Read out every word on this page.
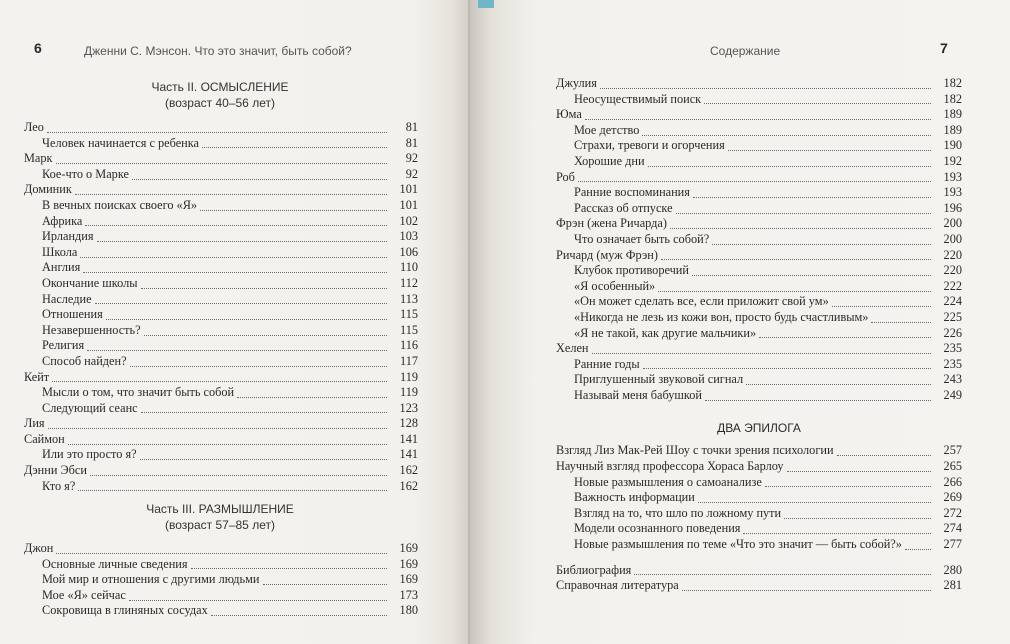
6	Дженни С. Мэнсон. Что это значит, быть собой?
Часть II. ОСМЫСЛЕНИЕ
(возраст 40–56 лет)
Лео	81
Человек начинается с ребенка	81
Марк	92
Кое-что о Марке	92
Доминик	101
В вечных поисках своего «Я»	101
Африка	102
Ирландия	103
Школа	106
Англия	110
Окончание школы	112
Наследие	113
Отношения	115
Незавершенность?	115
Религия	116
Способ найден?	117
Кейт	119
Мысли о том, что значит быть собой	119
Следующий сеанс	123
Лия	128
Саймон	141
Или это просто я?	141
Дэнни Эбси	162
Кто я?	162
Часть III. РАЗМЫШЛЕНИЕ
(возраст 57–85 лет)
Джон	169
Основные личные сведения	169
Мой мир и отношения с другими людьми	169
Мое «Я» сейчас	173
Сокровища в глиняных сосудах	180
Содержание	7
Джулия	182
Неосуществимый поиск	182
Юма	189
Мое детство	189
Страхи, тревоги и огорчения	190
Хорошие дни	192
Роб	193
Ранние воспоминания	193
Рассказ об отпуске	196
Фрэн (жена Ричарда)	200
Что означает быть собой?	200
Ричард (муж Фрэн)	220
Клубок противоречий	220
«Я особенный»	222
«Он может сделать все, если приложит свой ум»	224
«Никогда не лезь из кожи вон, просто будь счастливым»	225
«Я не такой, как другие мальчики»	226
Хелен	235
Ранние годы	235
Приглушенный звуковой сигнал	243
Называй меня бабушкой	249
ДВА ЭПИЛОГА
Взгляд Лиз Мак-Рей Шоу с точки зрения психологии	257
Научный взгляд профессора Хораса Барлоу	265
Новые размышления о самоанализе	266
Важность информации	269
Взгляд на то, что шло по ложному пути	272
Модели осознанного поведения	274
Новые размышления по теме «Что это значит — быть собой?»	277
Библиография	280
Справочная литература	281
